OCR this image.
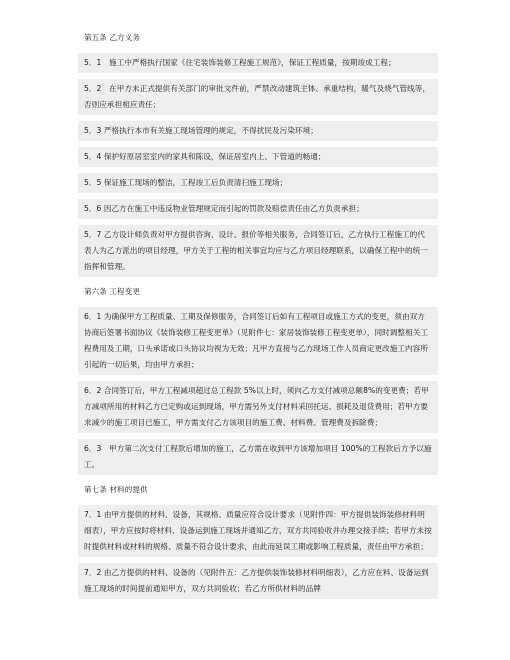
第五条 乙方义务

5．1　施工中严格执行国家《住宅装饰装修工程施工规范》，保证工程质量，按期竣成工程；

5．2　在甲方未正式提供有关部门的审批文件前，严禁改动建筑主体、承重结构，暖气及烧气管线等，否则应承担相应责任；

5．3 严格执行本市有关施工现场管理的规定，不得扰民及污染环境；

5．4 保护好原居室室内的家具和陈设，保证居室内上、下管道的畅通；

5．5 保证施工现场的整洁，工程竣工后负责清扫施工现场；

5．6 因乙方在施工中违反物业管理规定而引起的罚款及赔偿责任由乙方负责承担；

5．7 乙方设计师负责对甲方提供咨询、设计、报价等相关服务，合同签订后，乙方执行工程施工的代表人为乙方派出的项目经理，甲方关于工程的相关事宜均应与乙方项目经理联系，以确保工程中的统一指挥和管理。

第六条 工程变更

6．1 为确保甲方工程质量、工期及保修服务，合同签订后如有工程项目或施工方式的变更，须由双方协商后签署书面协议《装饰装修工程变更单》（见附件七：家居装饰装修工程变更单），同时调整相关工程费用及工期，口头承诺或口头协议均视为无效；凡甲方直接与乙方现场工作人员商定更改施工内容所引起的一切后果，均由甲方承担；

6．2 合同签订后，甲方工程减项超过总工程款 5%以上时，须向乙方支付减项总额8%的变更费；若甲方减项所用的材料乙方已定购或运到现场，甲方需另外支付材料采回托运、损耗及退货费用；若甲方要求减少的施工项目已施工，甲方需支付乙方该项目的施工费、材料费、管理费及拆除费；

6．3　甲方第二次支付工程款后增加的施工，乙方需在收到甲方该增加项目 100%的工程款后方予以施工。

第七条 材料的提供

7．1 由甲方提供的材料、设备，其规格、质量应符合设计要求（见附件四：甲方提供装饰装修材料明细表），甲方应按时将材料、设备运到施工现场并通知乙方，双方共同验收并办理交接手续；若甲方未按时提供材料或材料的规格、质量不符合设计要求，由此而延误工期或影响工程质量，责任由甲方承担；

7．2 由乙方提供的材料、设备的（见附件五：乙方提供装饰装修材料明细表），乙方应在料、设备运到施工现场的时间提前通知甲方，双方共同验收；若乙方所供材料的品牌
